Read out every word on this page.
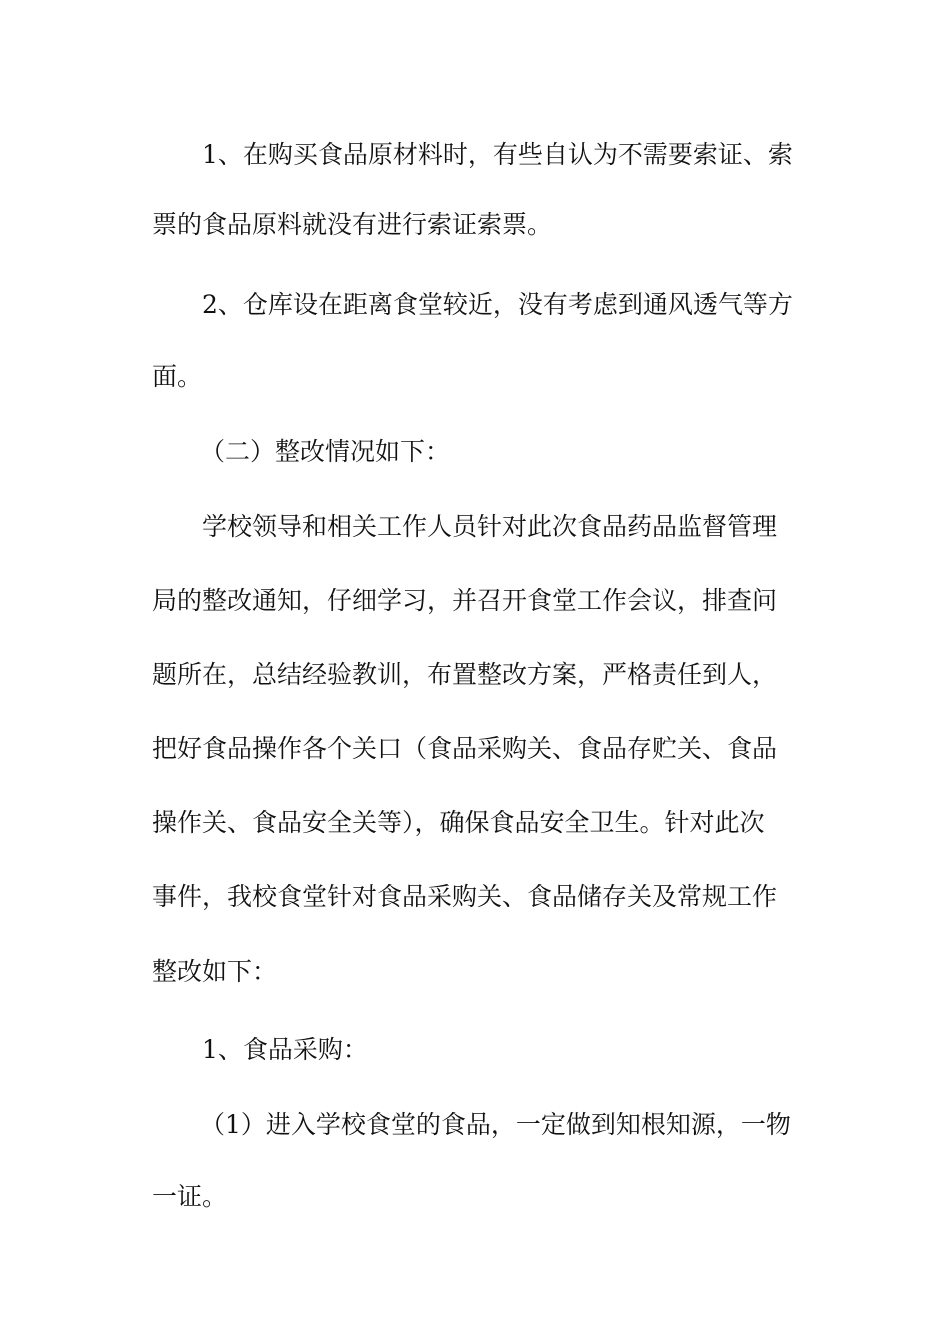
1、在购买食品原材料时，有些自认为不需要索证、索
票的食品原料就没有进行索证索票。
2、仓库设在距离食堂较近，没有考虑到通风透气等方
面。
（二）整改情况如下：
学校领导和相关工作人员针对此次食品药品监督管理
局的整改通知，仔细学习，并召开食堂工作会议，排查问
题所在，总结经验教训，布置整改方案，严格责任到人，
把好食品操作各个关口（食品采购关、食品存贮关、食品
操作关、食品安全关等），确保食品安全卫生。针对此次
事件，我校食堂针对食品采购关、食品储存关及常规工作
整改如下：
1、食品采购：
（1）进入学校食堂的食品，一定做到知根知源，一物
一证。
